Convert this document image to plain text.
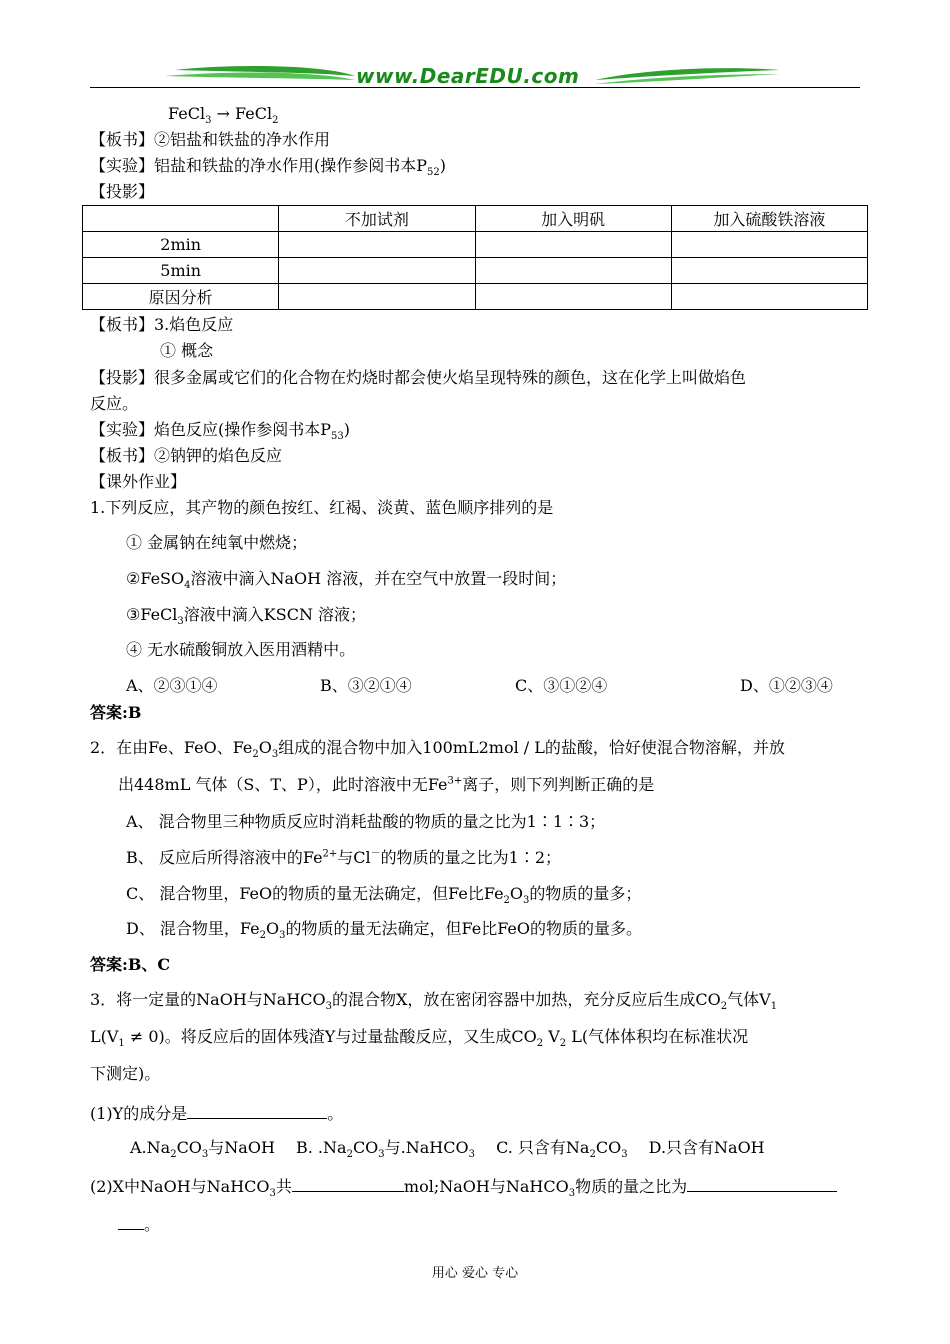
www.DearEDU.com
FeCl$_3$ → FeCl$_2$
【板书】②铝盐和铁盐的净水作用
【实验】铝盐和铁盐的净水作用(操作参阅书本$P_{52}$)
【投影】
	不加试剂	加入明矾	加入硫酸铁溶液
2min			
5min			
原因分析			
【板书】3.焰色反应
① 概念
【投影】很多金属或它们的化合物在灼烧时都会使火焰呈现特殊的颜色，这在化学上叫做焰色
反应。
【实验】焰色反应(操作参阅书本$P_{53}$)
【板书】②钠钾的焰色反应
【课外作业】
1.下列反应，其产物的颜色按红、红褐、淡黄、蓝色顺序排列的是
① 金属钠在纯氧中燃烧；
②FeSO$_4$溶液中滴入NaOH 溶液，并在空气中放置一段时间；
③FeCl$_3$溶液中滴入KSCN 溶液；
④ 无水硫酸铜放入医用酒精中。
A、②③①④	B、③②①④	C、③①②④	D、①②③④
答案:B
2．在由Fe、FeO、$Fe_2O_3$组成的混合物中加入100mL2mol / L的盐酸，恰好使混合物溶解，并放
出448mL 气体（S、T、P），此时溶液中无$Fe^{3+}$离子，则下列判断正确的是
A、 混合物里三种物质反应时消耗盐酸的物质的量之比为1∶1∶3；
B、 反应后所得溶液中的$Fe^{2+}$与Cl－的物质的量之比为1∶2；
C、 混合物里，FeO的物质的量无法确定，但Fe比$Fe_2O_3$的物质的量多；
D、 混合物里，$Fe_2O_3$的物质的量无法确定，但Fe比FeO的物质的量多。
答案:B、C
3．将一定量的NaOH与NaHCO$_3$的混合物X，放在密闭容器中加热，充分反应后生成$CO_2$气体$V_1$
$L(V_1 \ne 0)$。将反应后的固体残渣Y与过量盐酸反应，又生成$CO_2$ $V_2$ L(气体体积均在标准状况
下测定)。
(1)Y的成分是	。
$A.Na_2CO_3$与NaOH　 B. $.Na_2CO_3$与.NaHCO$_3$　 C. 只含有$Na_2CO_3$　 D.只含有NaOH
(2)X中NaOH与NaHCO$_3$共	mol;NaOH与NaHCO$_3$物质的量之比为
。
用心 爱心 专心
